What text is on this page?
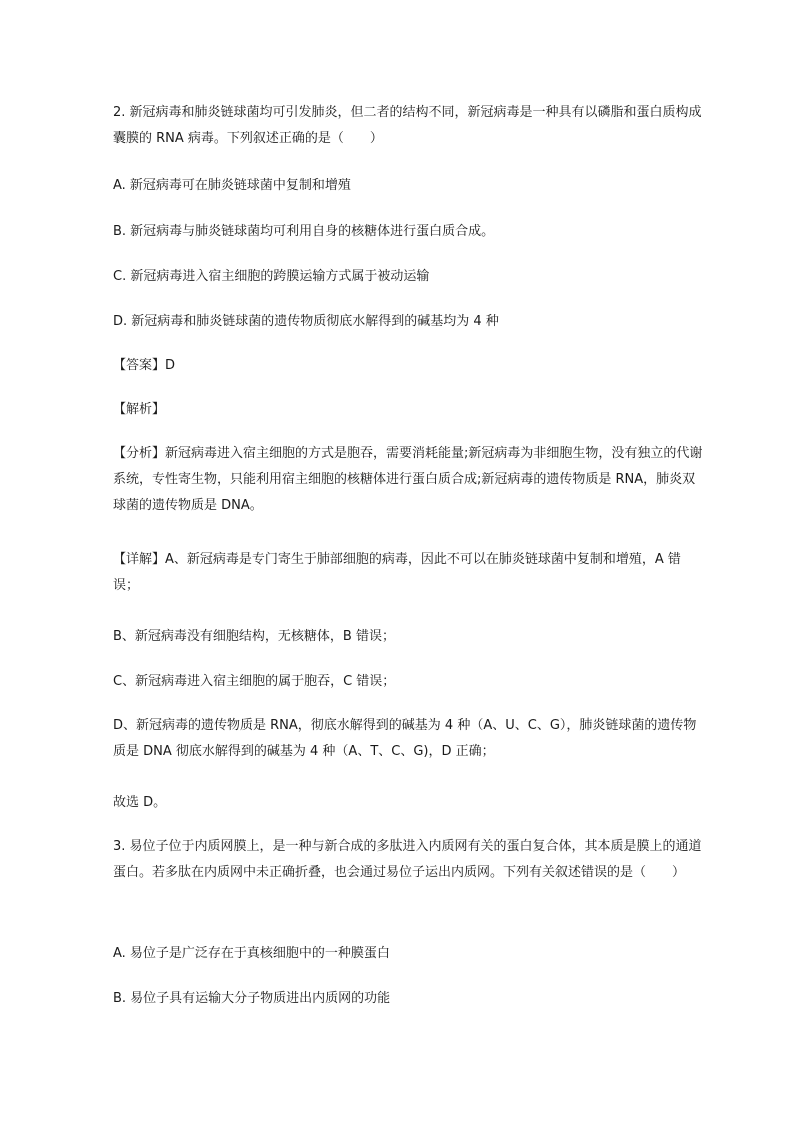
2. 新冠病毒和肺炎链球菌均可引发肺炎，但二者的结构不同，新冠病毒是一种具有以磷脂和蛋白质构成囊膜的 RNA 病毒。下列叙述正确的是（　　）

A. 新冠病毒可在肺炎链球菌中复制和增殖

B. 新冠病毒与肺炎链球菌均可利用自身的核糖体进行蛋白质合成。

C. 新冠病毒进入宿主细胞的跨膜运输方式属于被动运输

D. 新冠病毒和肺炎链球菌的遗传物质彻底水解得到的碱基均为 4 种

【答案】D

【解析】

【分析】新冠病毒进入宿主细胞的方式是胞吞，需要消耗能量;新冠病毒为非细胞生物，没有独立的代谢系统，专性寄生物，只能利用宿主细胞的核糖体进行蛋白质合成;新冠病毒的遗传物质是 RNA，肺炎双球菌的遗传物质是 DNA。

【详解】A、新冠病毒是专门寄生于肺部细胞的病毒，因此不可以在肺炎链球菌中复制和增殖，A 错误；

B、新冠病毒没有细胞结构，无核糖体，B 错误；

C、新冠病毒进入宿主细胞的属于胞吞，C 错误；

D、新冠病毒的遗传物质是 RNA，彻底水解得到的碱基为 4 种（A、U、C、G），肺炎链球菌的遗传物质是 DNA 彻底水解得到的碱基为 4 种（A、T、C、G)，D 正确；

故选 D。

3. 易位子位于内质网膜上，是一种与新合成的多肽进入内质网有关的蛋白复合体，其本质是膜上的通道蛋白。若多肽在内质网中未正确折叠，也会通过易位子运出内质网。下列有关叙述错误的是（　　）

A. 易位子是广泛存在于真核细胞中的一种膜蛋白

B. 易位子具有运输大分子物质进出内质网的功能
